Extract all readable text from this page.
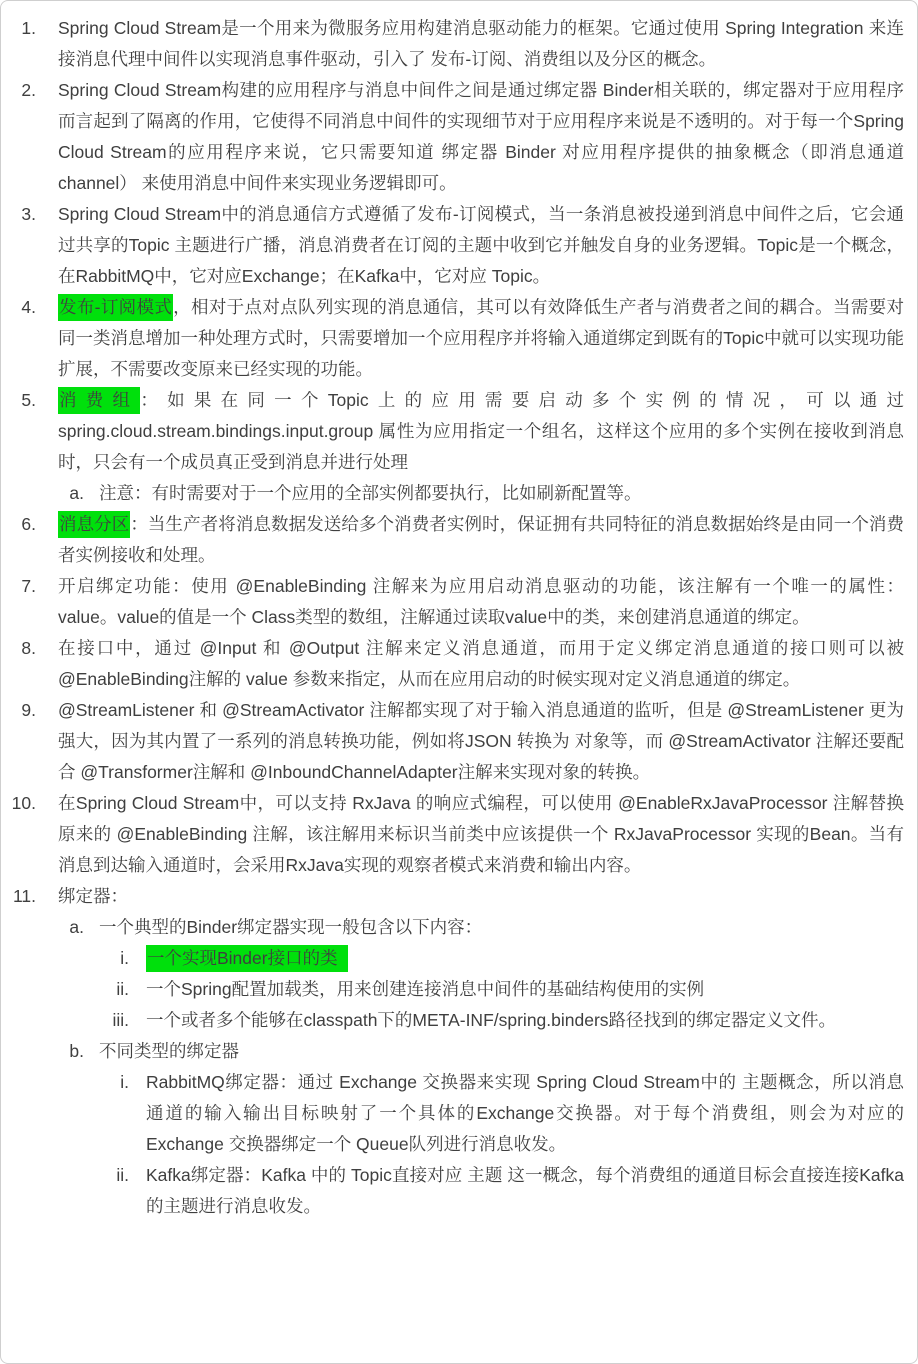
1.	Spring Cloud Stream是一个用来为微服务应用构建消息驱动能力的框架。它通过使用 Spring Integration 来连接消息代理中间件以实现消息事件驱动，引入了 发布-订阅、消费组以及分区的概念。

2.	Spring Cloud Stream构建的应用程序与消息中间件之间是通过绑定器 Binder相关联的，绑定器对于应用程序而言起到了隔离的作用，它使得不同消息中间件的实现细节对于应用程序来说是不透明的。对于每一个Spring Cloud Stream的应用程序来说，它只需要知道 绑定器 Binder 对应用程序提供的抽象概念（即消息通道channel） 来使用消息中间件来实现业务逻辑即可。

3.	Spring Cloud Stream中的消息通信方式遵循了发布-订阅模式，当一条消息被投递到消息中间件之后，它会通过共享的Topic 主题进行广播，消息消费者在订阅的主题中收到它并触发自身的业务逻辑。Topic是一个概念，在RabbitMQ中，它对应Exchange；在Kafka中，它对应 Topic。

4.	发布-订阅模式，相对于点对点队列实现的消息通信，其可以有效降低生产者与消费者之间的耦合。当需要对同一类消息增加一种处理方式时，只需要增加一个应用程序并将输入通道绑定到既有的Topic中就可以实现功能扩展，不需要改变原来已经实现的功能。

5.	消费组：如果在同一个Topic上的应用需要启动多个实例的情况，可以通过 spring.cloud.stream.bindings.input.group 属性为应用指定一个组名，这样这个应用的多个实例在接收到消息时，只会有一个成员真正受到消息并进行处理

a. 注意：有时需要对于一个应用的全部实例都要执行，比如刷新配置等。

6.	消息分区：当生产者将消息数据发送给多个消费者实例时，保证拥有共同特征的消息数据始终是由同一个消费者实例接收和处理。

7.	开启绑定功能：使用 @EnableBinding 注解来为应用启动消息驱动的功能，该注解有一个唯一的属性：value。value的值是一个 Class类型的数组，注解通过读取value中的类，来创建消息通道的绑定。

8.	在接口中，通过 @Input 和 @Output 注解来定义消息通道，而用于定义绑定消息通道的接口则可以被 @EnableBinding注解的 value 参数来指定，从而在应用启动的时候实现对定义消息通道的绑定。

9.	@StreamListener 和 @StreamActivator 注解都实现了对于输入消息通道的监听，但是 @StreamListener 更为强大，因为其内置了一系列的消息转换功能，例如将JSON 转换为 对象等，而 @StreamActivator 注解还要配合 @Transformer注解和 @InboundChannelAdapter注解来实现对象的转换。

10.	在Spring Cloud Stream中，可以支持 RxJava 的响应式编程，可以使用 @EnableRxJavaProcessor 注解替换原来的 @EnableBinding 注解，该注解用来标识当前类中应该提供一个 RxJavaProcessor 实现的Bean。当有消息到达输入通道时，会采用RxJava实现的观察者模式来消费和输出内容。

11.	绑定器：

a. 一个典型的Binder绑定器实现一般包含以下内容：

i.	一个实现Binder接口的类

ii. 一个Spring配置加载类，用来创建连接消息中间件的基础结构使用的实例

iii. 一个或者多个能够在classpath下的META-INF/spring.binders路径找到的绑定器定义文件。

b. 不同类型的绑定器

i. RabbitMQ绑定器：通过 Exchange 交换器来实现 Spring Cloud Stream中的 主题概念，所以消息通道的输入输出目标映射了一个具体的Exchange交换器。对于每个消费组，则会为对应的Exchange 交换器绑定一个 Queue队列进行消息收发。

ii. Kafka绑定器：Kafka 中的 Topic直接对应 主题 这一概念，每个消费组的通道目标会直接连接Kafka的主题进行消息收发。
